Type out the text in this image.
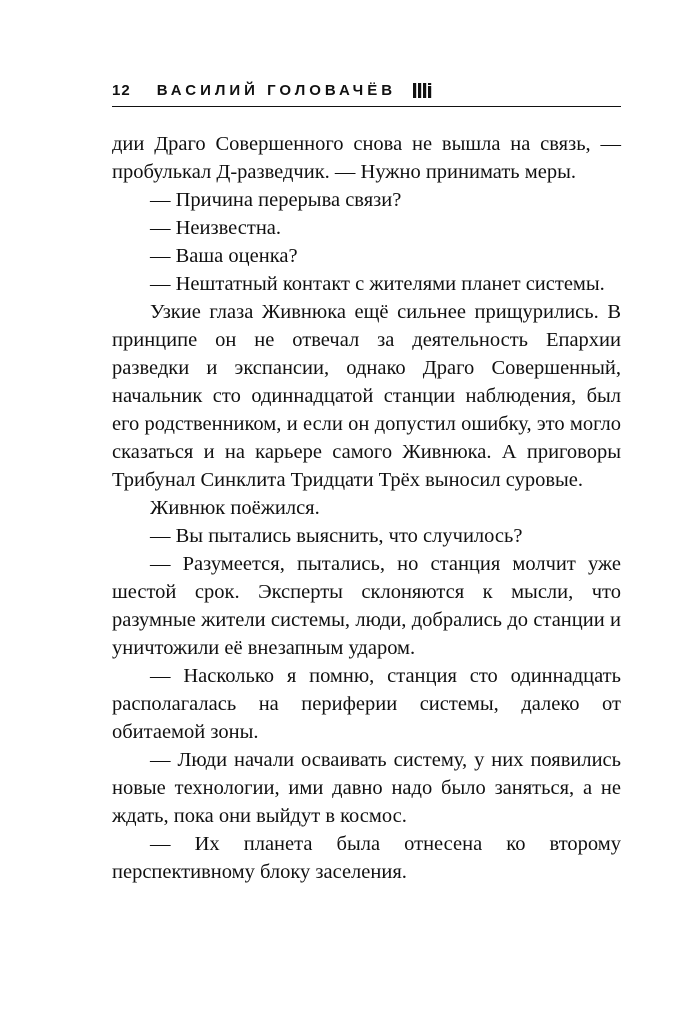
12 ВАСИЛИЙ ГОЛОВАЧЁВ

дии Драго Совершенного снова не вышла на связь, — пробулькал Д-разведчик. — Нужно принимать меры.

— Причина перерыва связи?

— Неизвестна.

— Ваша оценка?

— Нештатный контакт с жителями планет системы.

Узкие глаза Живнюка ещё сильнее прищурились. В принципе он не отвечал за деятельность Епархии разведки и экспансии, однако Драго Совершенный, начальник сто одиннадцатой станции наблюдения, был его родственником, и если он допустил ошибку, это могло сказаться и на карьере самого Живнюка. А приговоры Трибунал Синклита Тридцати Трёх выносил суровые.

Живнюк поёжился.

— Вы пытались выяснить, что случилось?

— Разумеется, пытались, но станция молчит уже шестой срок. Эксперты склоняются к мысли, что разумные жители системы, люди, добрались до станции и уничтожили её внезапным ударом.

— Насколько я помню, станция сто одиннадцать располагалась на периферии системы, далеко от обитаемой зоны.

— Люди начали осваивать систему, у них появились новые технологии, ими давно надо было заняться, а не ждать, пока они выйдут в космос.

— Их планета была отнесена ко второму перспективному блоку заселения.
